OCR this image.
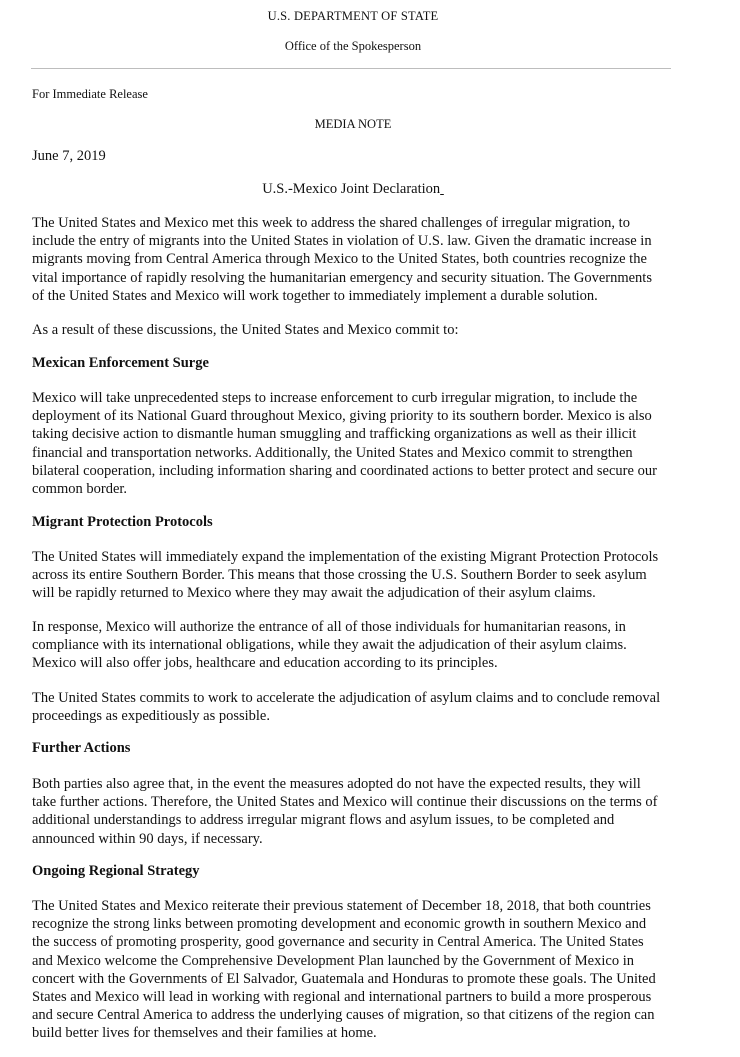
U.S. DEPARTMENT OF STATE
Office of the Spokesperson
For Immediate Release
MEDIA NOTE
June 7, 2019
U.S.-Mexico Joint Declaration

The United States and Mexico met this week to address the shared challenges of irregular migration, to
include the entry of migrants into the United States in violation of U.S. law. Given the dramatic increase in
migrants moving from Central America through Mexico to the United States, both countries recognize the
vital importance of rapidly resolving the humanitarian emergency and security situation. The Governments
of the United States and Mexico will work together to immediately implement a durable solution.

As a result of these discussions, the United States and Mexico commit to:

Mexican Enforcement Surge

Mexico will take unprecedented steps to increase enforcement to curb irregular migration, to include the
deployment of its National Guard throughout Mexico, giving priority to its southern border. Mexico is also
taking decisive action to dismantle human smuggling and trafficking organizations as well as their illicit
financial and transportation networks. Additionally, the United States and Mexico commit to strengthen
bilateral cooperation, including information sharing and coordinated actions to better protect and secure our
common border.

Migrant Protection Protocols

The United States will immediately expand the implementation of the existing Migrant Protection Protocols
across its entire Southern Border. This means that those crossing the U.S. Southern Border to seek asylum
will be rapidly returned to Mexico where they may await the adjudication of their asylum claims.

In response, Mexico will authorize the entrance of all of those individuals for humanitarian reasons, in
compliance with its international obligations, while they await the adjudication of their asylum claims.
Mexico will also offer jobs, healthcare and education according to its principles.

The United States commits to work to accelerate the adjudication of asylum claims and to conclude removal
proceedings as expeditiously as possible.

Further Actions

Both parties also agree that, in the event the measures adopted do not have the expected results, they will
take further actions. Therefore, the United States and Mexico will continue their discussions on the terms of
additional understandings to address irregular migrant flows and asylum issues, to be completed and
announced within 90 days, if necessary.

Ongoing Regional Strategy

The United States and Mexico reiterate their previous statement of December 18, 2018, that both countries
recognize the strong links between promoting development and economic growth in southern Mexico and
the success of promoting prosperity, good governance and security in Central America. The United States
and Mexico welcome the Comprehensive Development Plan launched by the Government of Mexico in
concert with the Governments of El Salvador, Guatemala and Honduras to promote these goals. The United
States and Mexico will lead in working with regional and international partners to build a more prosperous
and secure Central America to address the underlying causes of migration, so that citizens of the region can
build better lives for themselves and their families at home.
